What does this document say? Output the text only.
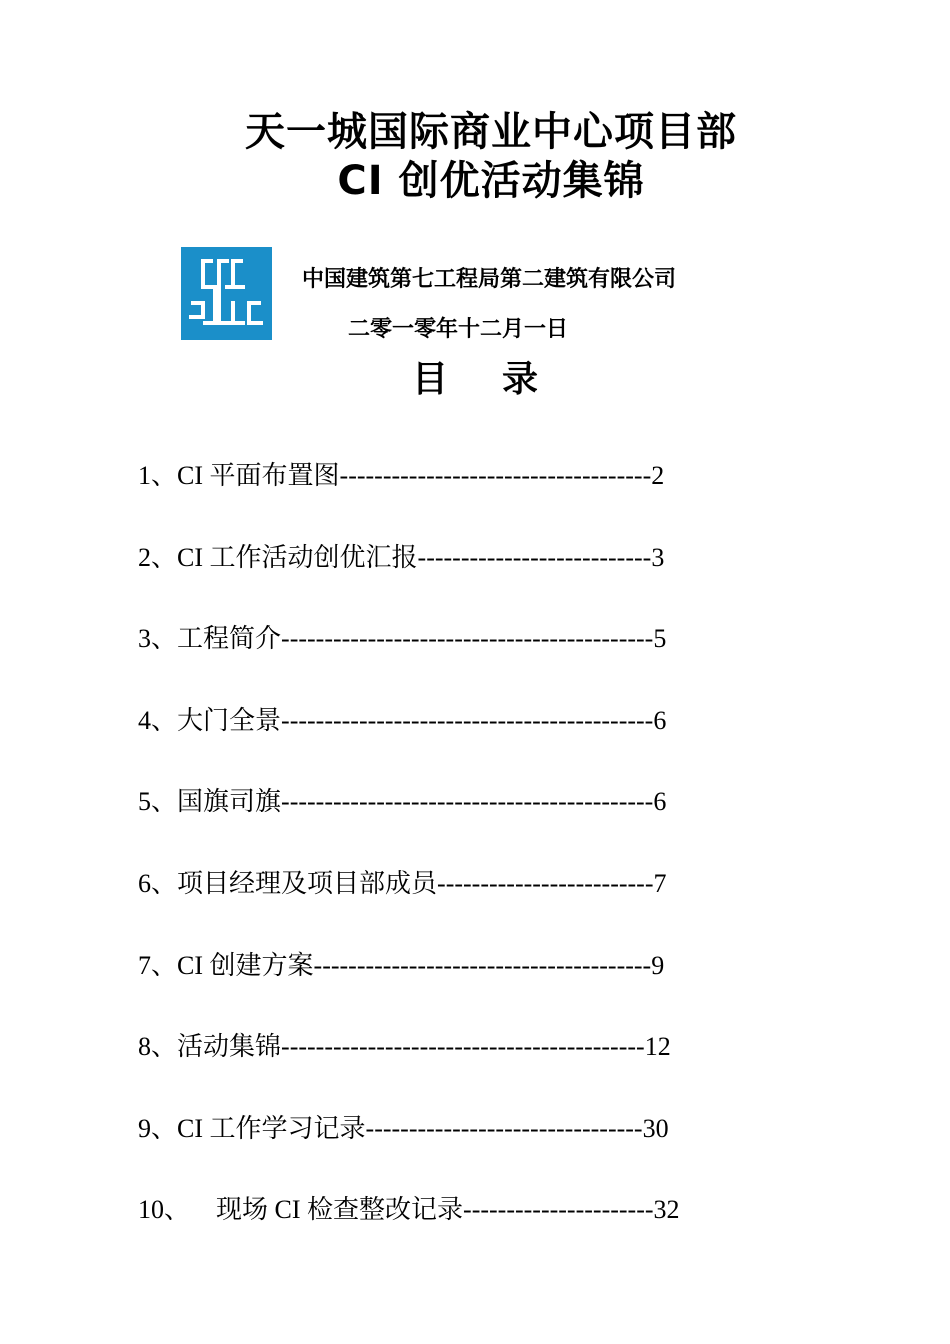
天一城国际商业中心项目部
CI 创优活动集锦
中国建筑第七工程局第二建筑有限公司
二零一零年十二月一日
目 录
1、 CI 平面布置图 ------------------------------------ 2
2、 CI 工作活动创优汇报 --------------------------- 3
3、 工程简介 ------------------------------------------- 5
4、 大门全景 ------------------------------------------- 6
5、 国旗司旗 ------------------------------------------- 6
6、 项目经理及项目部成员 ------------------------- 7
7、 CI 创建方案 --------------------------------------- 9
8、 活动集锦 ------------------------------------------ 12
9、 CI 工作学习记录 -------------------------------- 30
10、 现场 CI 检查整改记录 ---------------------- 32
